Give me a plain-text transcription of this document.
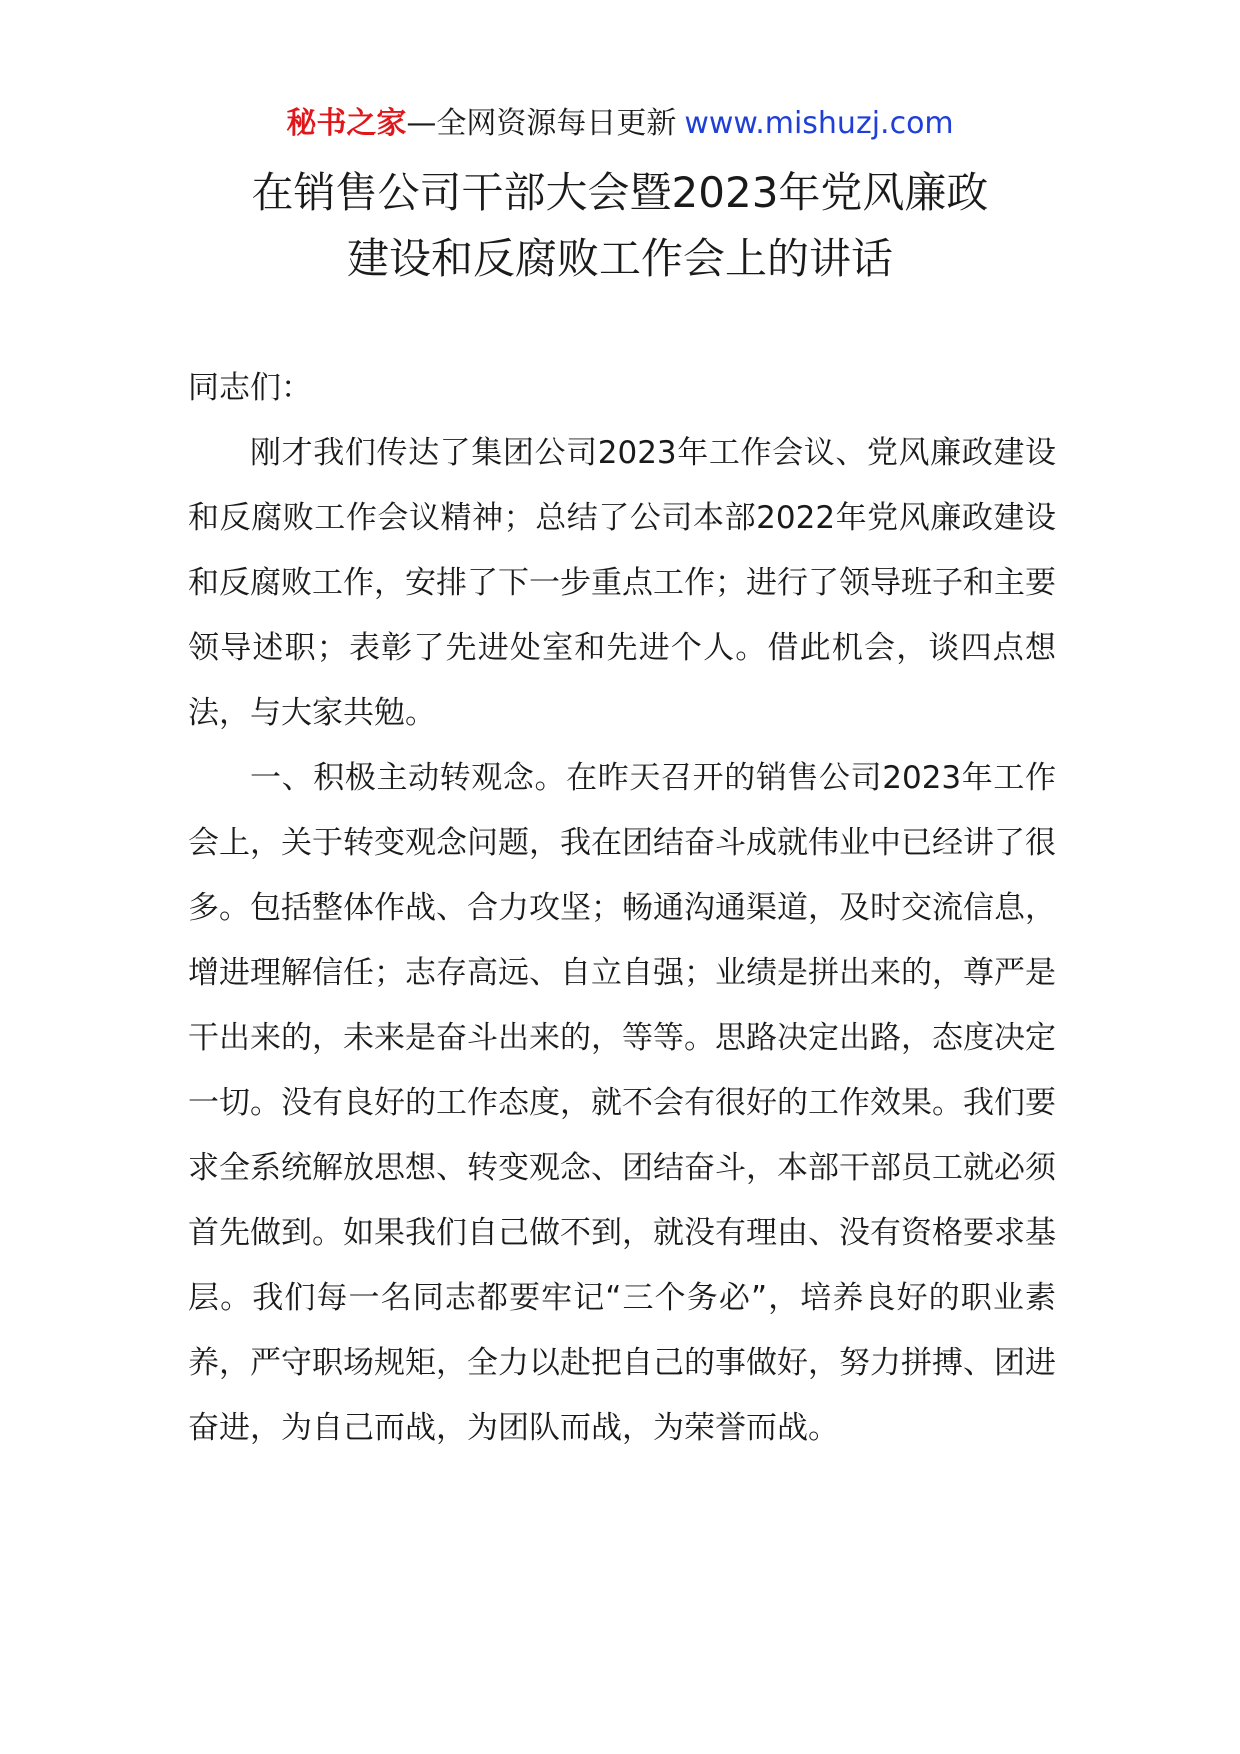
秘书之家—全网资源每日更新 www.mishuzj.com
在销售公司干部大会暨2023年党风廉政
建设和反腐败工作会上的讲话

同志们：

刚才我们传达了集团公司2023年工作会议、党风廉政建设和反腐败工作会议精神；总结了公司本部2022年党风廉政建设和反腐败工作，安排了下一步重点工作；进行了领导班子和主要领导述职；表彰了先进处室和先进个人。借此机会，谈四点想法，与大家共勉。

一、积极主动转观念。在昨天召开的销售公司2023年工作会上，关于转变观念问题，我在团结奋斗成就伟业中已经讲了很多。包括整体作战、合力攻坚；畅通沟通渠道，及时交流信息，增进理解信任；志存高远、自立自强；业绩是拼出来的，尊严是干出来的，未来是奋斗出来的，等等。思路决定出路，态度决定一切。没有良好的工作态度，就不会有很好的工作效果。我们要求全系统解放思想、转变观念、团结奋斗，本部干部员工就必须首先做到。如果我们自己做不到，就没有理由、没有资格要求基层。我们每一名同志都要牢记“三个务必”，培养良好的职业素养，严守职场规矩，全力以赴把自己的事做好，努力拼搏、团进奋进，为自己而战，为团队而战，为荣誉而战。
